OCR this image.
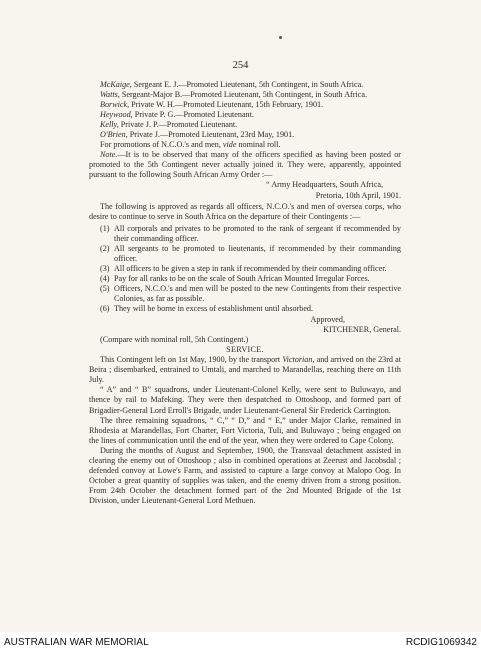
254

McKaige, Sergeant E. J.—Promoted Lieutenant, 5th Contingent, in South Africa.

Watts, Sergeant-Major B.—Promoted Lieutenant, 5th Contingent, in South Africa.

Borwick, Private W. H.—Promoted Lieutenant, 15th February, 1901.

Heywood, Private P. G.—Promoted Lieutenant.

Kelly, Private J. P.—Promoted Lieutenant.

O'Brien, Private J.—Promoted Lieutenant, 23rd May, 1901.

For promotions of N.C.O.'s and men, vide nominal roll.

Note.—It is to be observed that many of the officers specified as having been posted or promoted to the 5th Contingent never actually joined it. They were, apparently, appointed pursuant to the following South African Army Order :—

“ Army Headquarters, South Africa,

Pretoria, 10th April, 1901.

The following is approved as regards all officers, N.C.O.'s and men of oversea corps, who desire to continue to serve in South Africa on the departure of their Contingents :—

(1) All corporals and privates to be promoted to the rank of sergeant if recommended by their commanding officer.
(2) All sergeants to be promoted to lieutenants, if recommended by their commanding officer.
(3) All officers to be given a step in rank if recommended by their commanding officer.
(4) Pay for all ranks to be on the scale of South African Mounted Irregular Forces.
(5) Officers, N.C.O.'s and men will be posted to the new Contingents from their respective Colonies, as far as possible.
(6) They will be borne in excess of establishment until absorbed.

Approved,

KITCHENER, General.

(Compare with nominal roll, 5th Contingent.)

SERVICE.

This Contingent left on 1st May, 1900, by the transport Victorian, and arrived on the 23rd at Beira ; disembarked, entrained to Umtali, and marched to Marandellas, reaching there on 11th July.

“ A” and “ B” squadrons, under Lieutenant-Colonel Kelly, were sent to Buluwayo, and thence by rail to Mafeking. They were then despatched to Ottoshoop, and formed part of Brigadier-General Lord Erroll's Brigade, under Lieutenant-General Sir Frederick Carrington.

The three remaining squadrons, “ C,” “ D,” and “ E,” under Major Clarke, remained in Rhodesia at Marandellas, Fort Charter, Fort Victoria, Tuli, and Buluwayo ; being engaged on the lines of communication until the end of the year, when they were ordered to Cape Colony.

During the months of August and September, 1900, the Transvaal detachment assisted in clearing the enemy out of Ottoshoop ; also in combined operations at Zeerust and Jacobsdal ; defended convoy at Lowe's Farm, and assisted to capture a large convoy at Malopo Oog. In October a great quantity of supplies was taken, and the enemy driven from a strong position. From 24th October the detachment formed part of the 2nd Mounted Brigade of the 1st Division, under Lieutenant-General Lord Methuen.

AUSTRALIAN WAR MEMORIAL	RCDIG1069342
